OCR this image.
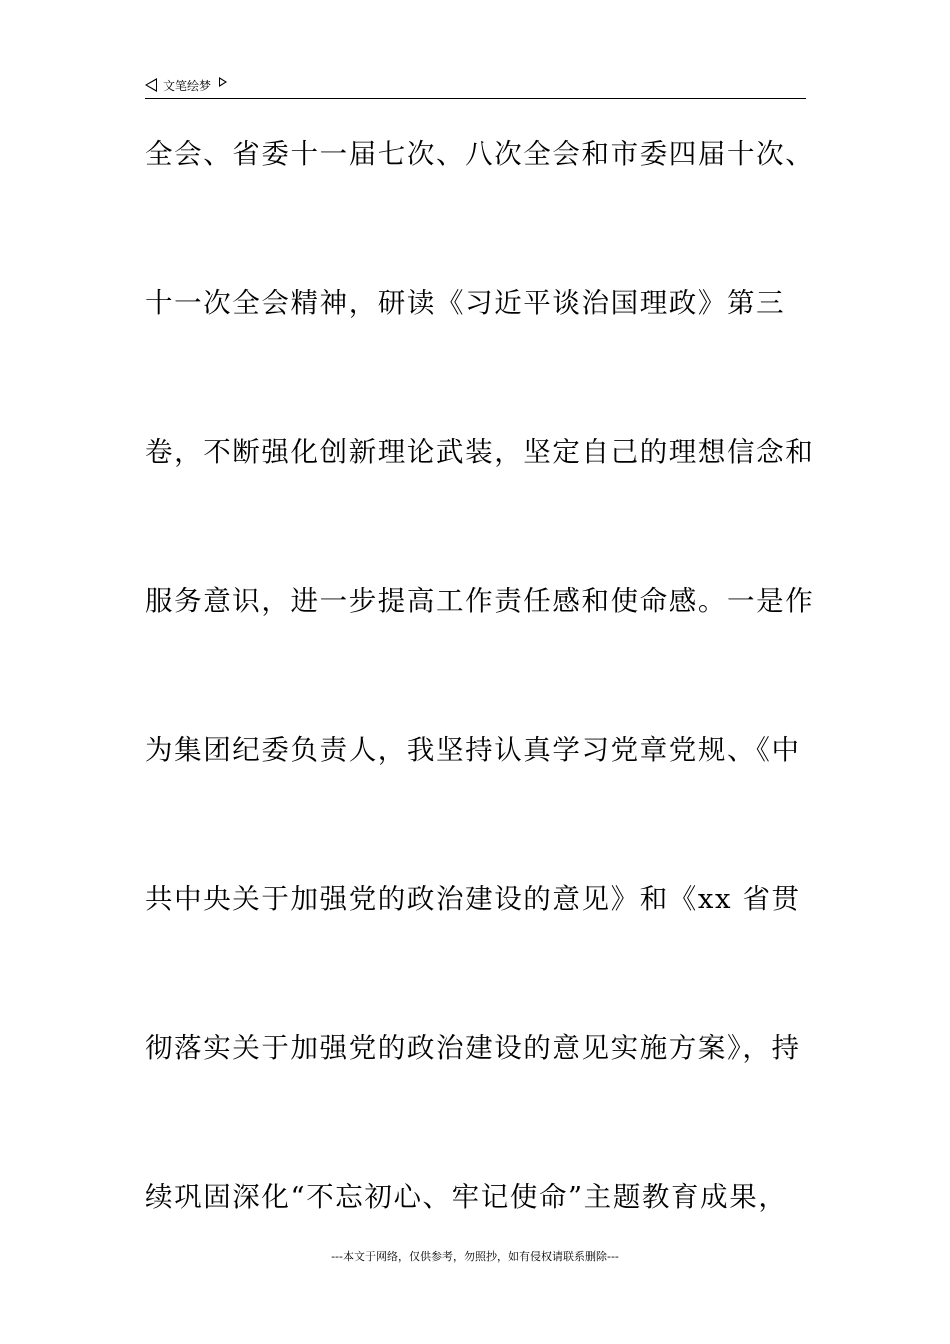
文笔绘梦
全会、省委十一届七次、八次全会和市委四届十次、
十一次全会精神，研读《习近平谈治国理政》第三
卷，不断强化创新理论武装，坚定自己的理想信念和
服务意识，进一步提高工作责任感和使命感。一是作
为集团纪委负责人，我坚持认真学习党章党规、《中
共中央关于加强党的政治建设的意见》和《xx 省贯
彻落实关于加强党的政治建设的意见实施方案》，持
续巩固深化“不忘初心、牢记使命”主题教育成果，
---本文于网络，仅供参考，勿照抄，如有侵权请联系删除---
